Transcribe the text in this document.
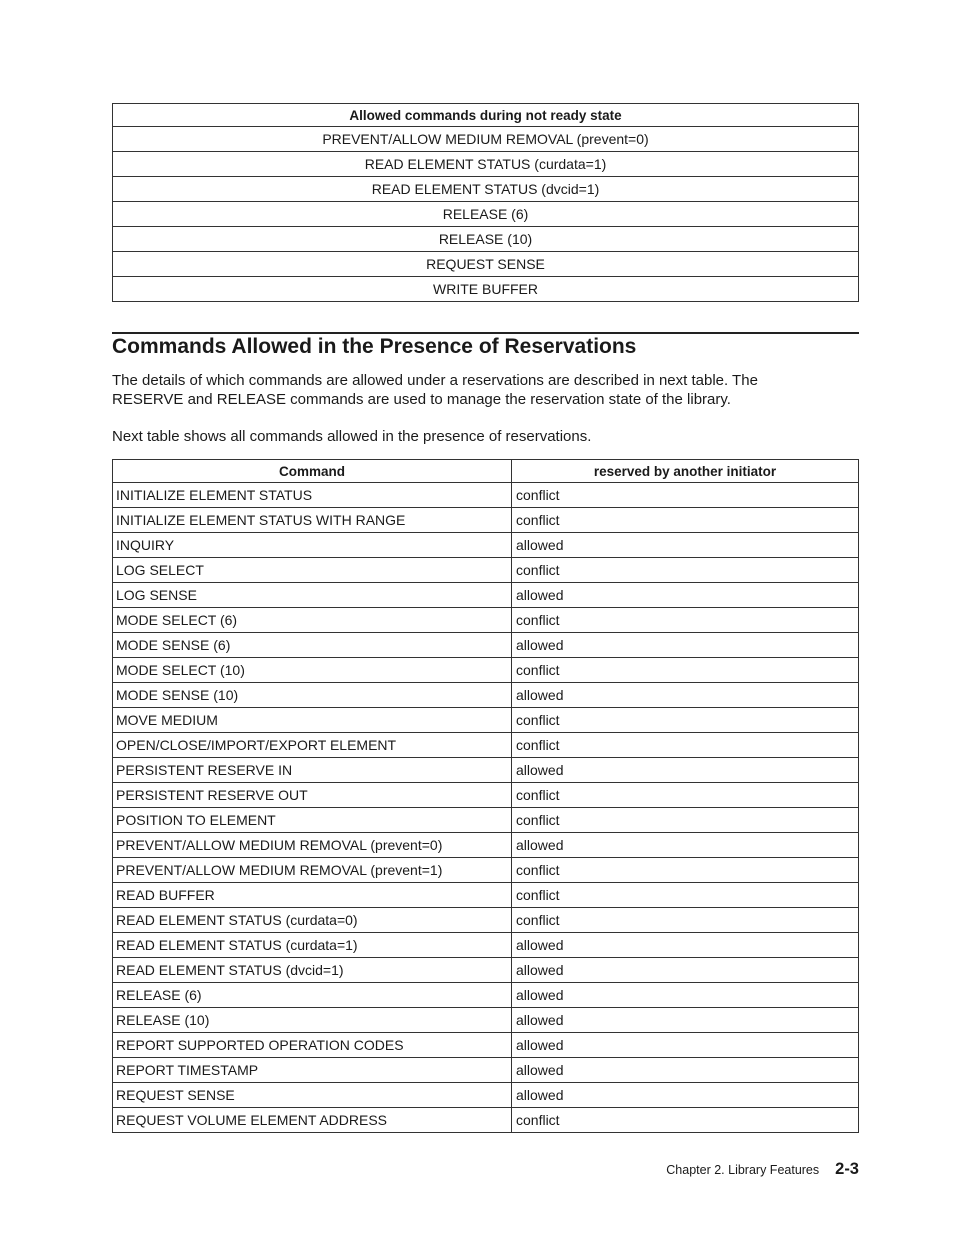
Allowed commands during not ready state
PREVENT/ALLOW MEDIUM REMOVAL (prevent=0)
READ ELEMENT STATUS (curdata=1)
READ ELEMENT STATUS (dvcid=1)
RELEASE (6)
RELEASE (10)
REQUEST SENSE
WRITE BUFFER
Commands Allowed in the Presence of Reservations

The details of which commands are allowed under a reservations are described in next table. The RESERVE and RELEASE commands are used to manage the reservation state of the library.

Next table shows all commands allowed in the presence of reservations.

Command	reserved by another initiator
INITIALIZE ELEMENT STATUS	conflict
INITIALIZE ELEMENT STATUS WITH RANGE	conflict
INQUIRY	allowed
LOG SELECT	conflict
LOG SENSE	allowed
MODE SELECT (6)	conflict
MODE SENSE (6)	allowed
MODE SELECT (10)	conflict
MODE SENSE (10)	allowed
MOVE MEDIUM	conflict
OPEN/CLOSE/IMPORT/EXPORT ELEMENT	conflict
PERSISTENT RESERVE IN	allowed
PERSISTENT RESERVE OUT	conflict
POSITION TO ELEMENT	conflict
PREVENT/ALLOW MEDIUM REMOVAL (prevent=0)	allowed
PREVENT/ALLOW MEDIUM REMOVAL (prevent=1)	conflict
READ BUFFER	conflict
READ ELEMENT STATUS (curdata=0)	conflict
READ ELEMENT STATUS (curdata=1)	allowed
READ ELEMENT STATUS (dvcid=1)	allowed
RELEASE (6)	allowed
RELEASE (10)	allowed
REPORT SUPPORTED OPERATION CODES	allowed
REPORT TIMESTAMP	allowed
REQUEST SENSE	allowed
REQUEST VOLUME ELEMENT ADDRESS	conflict
Chapter 2. Library Features 2-3
